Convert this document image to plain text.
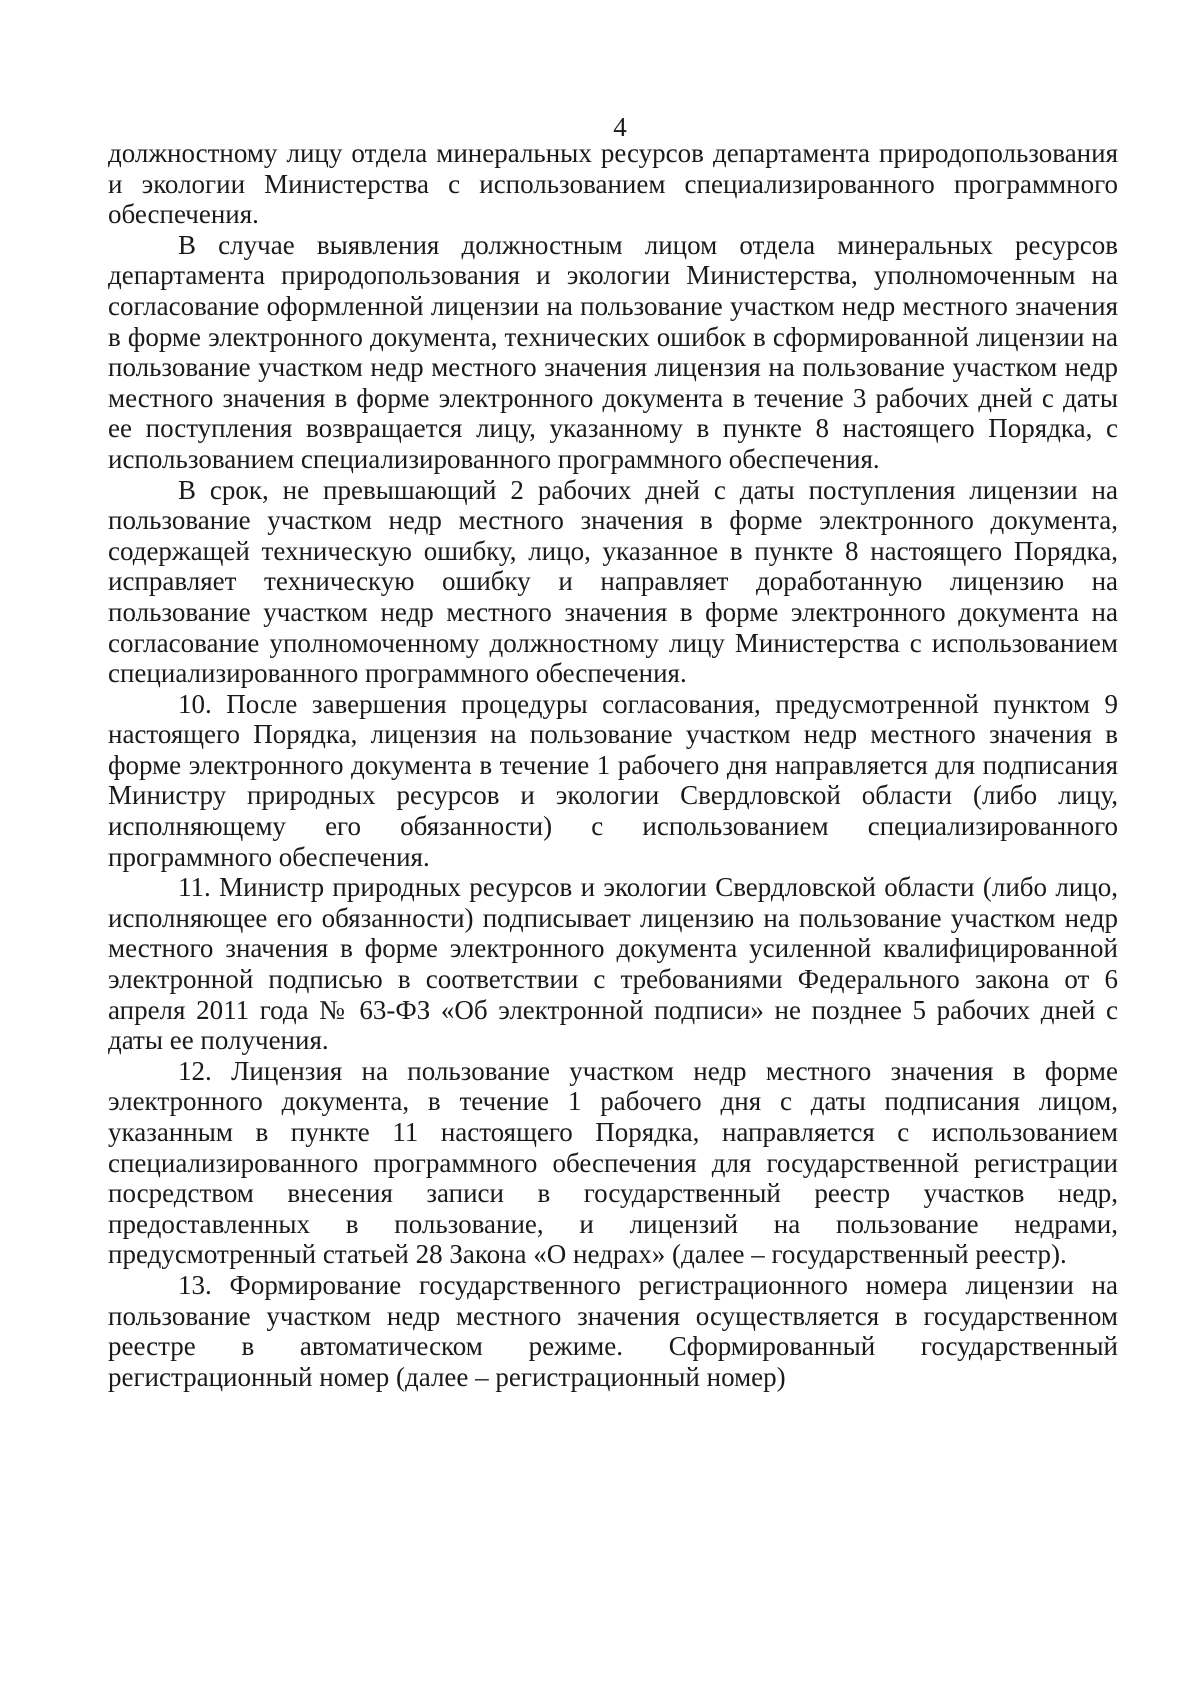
4

должностному лицу отдела минеральных ресурсов департамента природопользования и экологии Министерства с использованием специализированного программного обеспечения.

В случае выявления должностным лицом отдела минеральных ресурсов департамента природопользования и экологии Министерства, уполномоченным на согласование оформленной лицензии на пользование участком недр местного значения в форме электронного документа, технических ошибок в сформированной лицензии на пользование участком недр местного значения лицензия на пользование участком недр местного значения в форме электронного документа в течение 3 рабочих дней с даты ее поступления возвращается лицу, указанному в пункте 8 настоящего Порядка, с использованием специализированного программного обеспечения.

В срок, не превышающий 2 рабочих дней с даты поступления лицензии на пользование участком недр местного значения в форме электронного документа, содержащей техническую ошибку, лицо, указанное в пункте 8 настоящего Порядка, исправляет техническую ошибку и направляет доработанную лицензию на пользование участком недр местного значения в форме электронного документа на согласование уполномоченному должностному лицу Министерства с использованием специализированного программного обеспечения.

10. После завершения процедуры согласования, предусмотренной пунктом 9 настоящего Порядка, лицензия на пользование участком недр местного значения в форме электронного документа в течение 1 рабочего дня направляется для подписания Министру природных ресурсов и экологии Свердловской области (либо лицу, исполняющему его обязанности) с использованием специализированного программного обеспечения.

11. Министр природных ресурсов и экологии Свердловской области (либо лицо, исполняющее его обязанности) подписывает лицензию на пользование участком недр местного значения в форме электронного документа усиленной квалифицированной электронной подписью в соответствии с требованиями Федерального закона от 6 апреля 2011 года № 63-ФЗ «Об электронной подписи» не позднее 5 рабочих дней с даты ее получения.

12. Лицензия на пользование участком недр местного значения в форме электронного документа, в течение 1 рабочего дня с даты подписания лицом, указанным в пункте 11 настоящего Порядка, направляется с использованием специализированного программного обеспечения для государственной регистрации посредством внесения записи в государственный реестр участков недр, предоставленных в пользование, и лицензий на пользование недрами, предусмотренный статьей 28 Закона «О недрах» (далее – государственный реестр).

13. Формирование государственного регистрационного номера лицензии на пользование участком недр местного значения осуществляется в государственном реестре в автоматическом режиме. Сформированный государственный регистрационный номер (далее – регистрационный номер)
